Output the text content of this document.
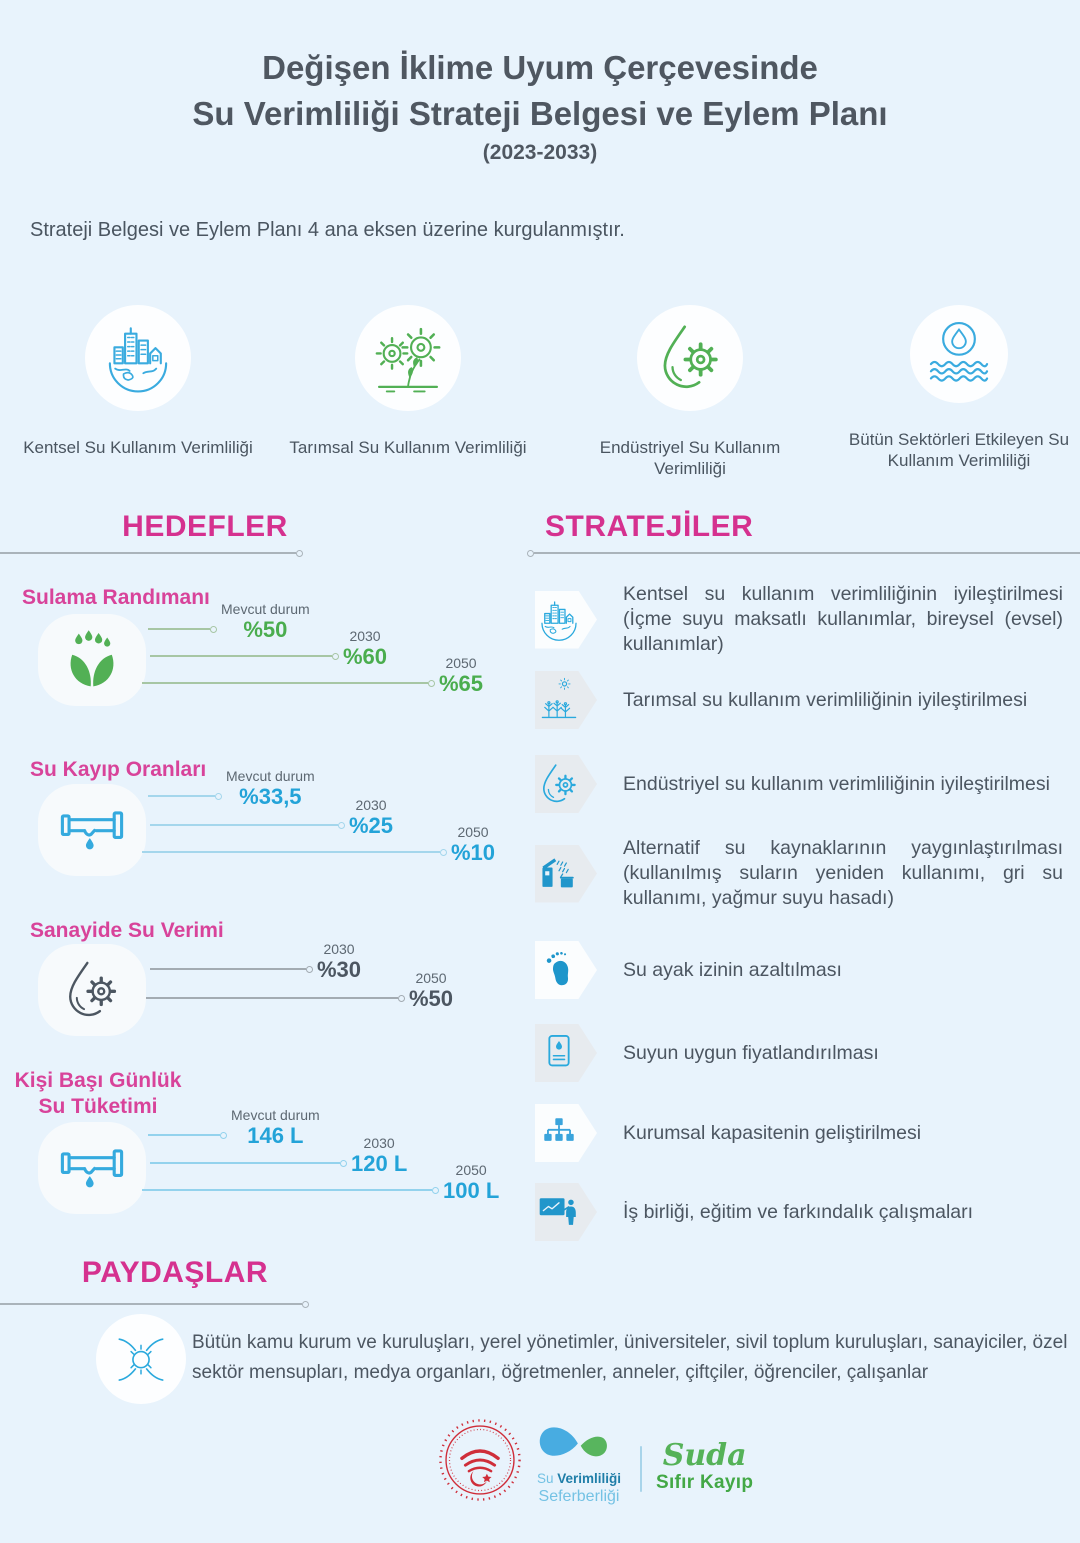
Değişen İklime Uyum Çerçevesinde
Su Verimliliği Strateji Belgesi ve Eylem Planı
(2023-2033)
Strateji Belgesi ve Eylem Planı 4 ana eksen üzerine kurgulanmıştır.
Kentsel Su Kullanım Verimliliği	Tarımsal Su Kullanım Verimliliği	Endüstriyel Su Kullanım Verimliliği
Bütün Sektörleri Etkileyen Su Kullanım Verimliliği
HEDEFLER
Sulama Randımanı Mevcut durum
%50	2030
%60	2050
%65
Su Kayıp Oranları Mevcut durum
%33,5	2030
%25	2050
%10
Sanayide Su Verimi
2030
%30	2050
%50
Kişi Başı Günlük Su Tüketimi	Mevcut durum
146 L	2030
120 L	2050
100 L
STRATEJİLER
Kentsel su kullanım verimliliğinin iyileştirilmesi (İçme suyu maksatlı kullanımlar, bireysel (evsel) kullanımlar)
Tarımsal su kullanım verimliliğinin iyileştirilmesi
Endüstriyel su kullanım verimliliğinin iyileştirilmesi
Alternatif su kaynaklarının yaygınlaştırılması (kullanılmış suların yeniden kullanımı, gri su kullanımı, yağmur suyu hasadı)
Su ayak izinin azaltılması
Suyun uygun fiyatlandırılması
Kurumsal kapasitenin geliştirilmesi
İş birliği, eğitim ve farkındalık çalışmaları
PAYDAŞLAR
Bütün kamu kurum ve kuruluşları, yerel yönetimler, üniversiteler, sivil toplum kuruluşları, sanayiciler, özel sektör mensupları, medya organları, öğretmenler, anneler, çiftçiler, öğrenciler, çalışanlar
Su Verimliliği
Seferberliği
Suda
Sıfır Kayıp
